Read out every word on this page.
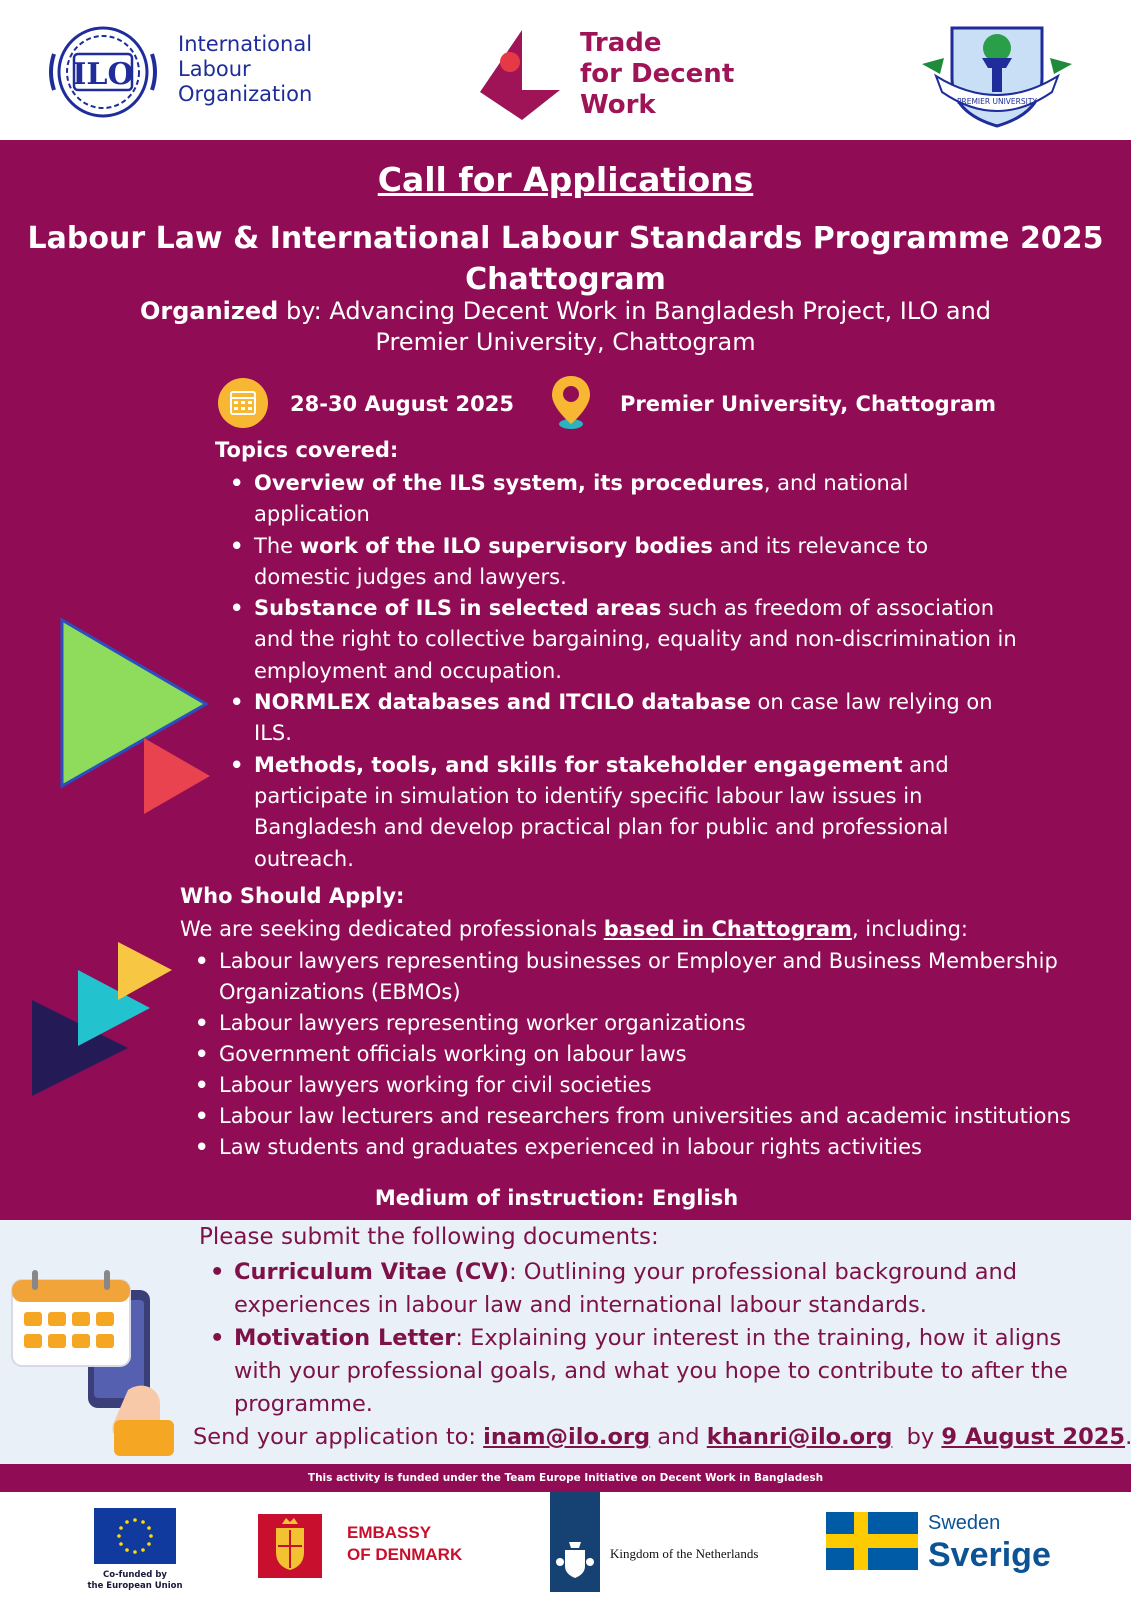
ILO
International
Labour
Organization
Trade
for Decent
Work	PREMIER UNIVERSITY
Call for Applications
Labour Law & International Labour Standards Programme 2025
Chattogram
Organized by: Advancing Decent Work in Bangladesh Project, ILO and Premier University, Chattogram
28-30 August 2025	Premier University, Chattogram
Topics covered:
• Overview of the ILS system, its procedures, and national application
• The work of the ILO supervisory bodies and its relevance to domestic judges and lawyers.
• Substance of ILS in selected areas such as freedom of association and the right to collective bargaining, equality and non-discrimination in employment and occupation.
• NORMLEX databases and ITCILO database on case law relying on ILS.
• Methods, tools, and skills for stakeholder engagement and participate in simulation to identify specific labour law issues in Bangladesh and develop practical plan for public and professional outreach.
Who Should Apply:
We are seeking dedicated professionals based in Chattogram, including:
• Labour lawyers representing businesses or Employer and Business Membership Organizations (EBMOs)
• Labour lawyers representing worker organizations
• Government officials working on labour laws
• Labour lawyers working for civil societies
• Labour law lecturers and researchers from universities and academic institutions
• Law students and graduates experienced in labour rights activities
Medium of instruction: English
Please submit the following documents:
• Curriculum Vitae (CV): Outlining your professional background and experiences in labour law and international labour standards.
• Motivation Letter: Explaining your interest in the training, how it aligns with your professional goals, and what you hope to contribute to after the programme.
Send your application to: inam@ilo.org and khanri@ilo.org  by 9 August 2025.
This activity is funded under the Team Europe Initiative on Decent Work in Bangladesh
Co-funded by
the European Union
EMBASSY
OF DENMARK	Kingdom of the Netherlands
Sweden
Sverige
